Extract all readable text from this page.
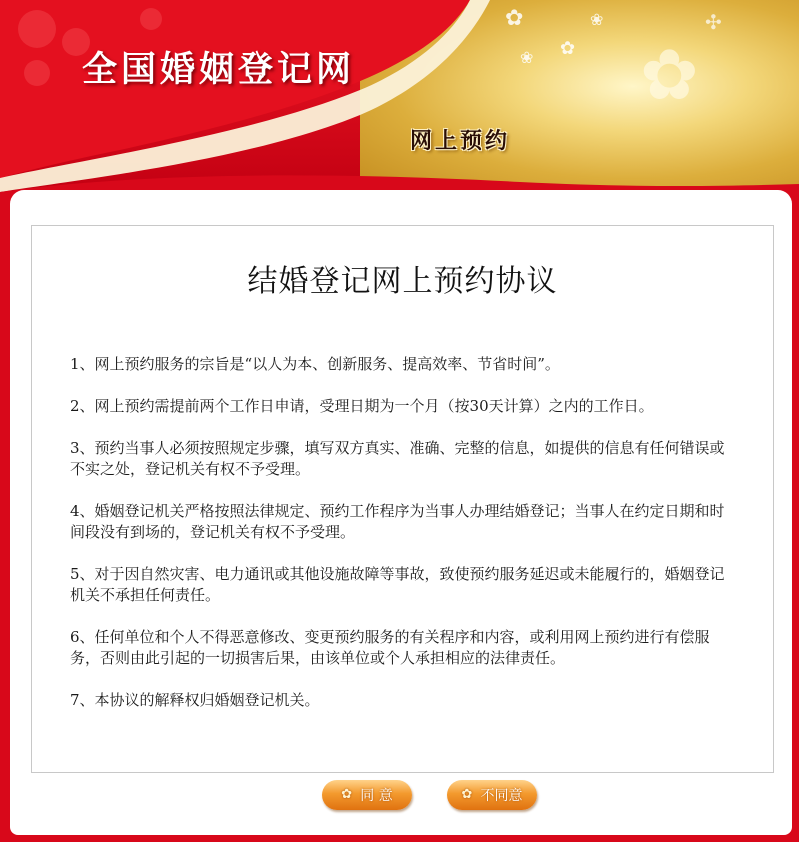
✿
✿
❀
❀ ✿
✣
全国婚姻登记网
网上预约
结婚登记网上预约协议
1、网上预约服务的宗旨是“以人为本、创新服务、提高效率、节省时间”。
2、网上预约需提前两个工作日申请，受理日期为一个月（按30天计算）之内的工作日。
3、预约当事人必须按照规定步骤，填写双方真实、准确、完整的信息，如提供的信息有任何错误或不实之处，登记机关有权不予受理。
4、婚姻登记机关严格按照法律规定、预约工作程序为当事人办理结婚登记；当事人在约定日期和时间段没有到场的，登记机关有权不予受理。
5、对于因自然灾害、电力通讯或其他设施故障等事故，致使预约服务延迟或未能履行的，婚姻登记机关不承担任何责任。
6、任何单位和个人不得恶意修改、变更预约服务的有关程序和内容，或利用网上预约进行有偿服务，否则由此引起的一切损害后果，由该单位或个人承担相应的法律责任。
7、本协议的解释权归婚姻登记机关。
✿ 同 意	✿ 不同意
